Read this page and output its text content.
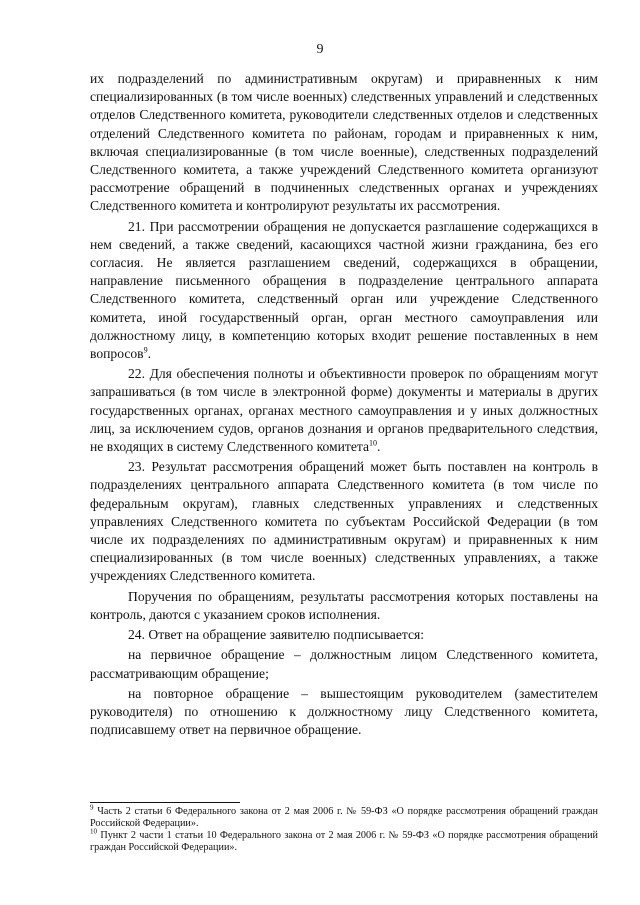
9

их подразделений по административным округам) и приравненных к ним специализированных (в том числе военных) следственных управлений и следственных отделов Следственного комитета, руководители следственных отделов и следственных отделений Следственного комитета по районам, городам и приравненных к ним, включая специализированные (в том числе военные), следственных подразделений Следственного комитета, а также учреждений Следственного комитета организуют рассмотрение обращений в подчиненных следственных органах и учреждениях Следственного комитета и контролируют результаты их рассмотрения.

21. При рассмотрении обращения не допускается разглашение содержащихся в нем сведений, а также сведений, касающихся частной жизни гражданина, без его согласия. Не является разглашением сведений, содержащихся в обращении, направление письменного обращения в подразделение центрального аппарата Следственного комитета, следственный орган или учреждение Следственного комитета, иной государственный орган, орган местного самоуправления или должностному лицу, в компетенцию которых входит решение поставленных в нем вопросов$^9$.

22. Для обеспечения полноты и объективности проверок по обращениям могут запрашиваться (в том числе в электронной форме) документы и материалы в других государственных органах, органах местного самоуправления и у иных должностных лиц, за исключением судов, органов дознания и органов предварительного следствия, не входящих в систему Следственного комитета$^{10}$.

23. Результат рассмотрения обращений может быть поставлен на контроль в подразделениях центрального аппарата Следственного комитета (в том числе по федеральным округам), главных следственных управлениях и следственных управлениях Следственного комитета по субъектам Российской Федерации (в том числе их подразделениях по административным округам) и приравненных к ним специализированных (в том числе военных) следственных управлениях, а также учреждениях Следственного комитета.

Поручения по обращениям, результаты рассмотрения которых поставлены на контроль, даются с указанием сроков исполнения.

24. Ответ на обращение заявителю подписывается:

на первичное обращение – должностным лицом Следственного комитета, рассматривающим обращение;

на повторное обращение – вышестоящим руководителем (заместителем руководителя) по отношению к должностному лицу Следственного комитета, подписавшему ответ на первичное обращение.

$^9$ Часть 2 статьи 6 Федерального закона от 2 мая 2006 г. № 59-ФЗ «О порядке рассмотрения обращений граждан Российской Федерации».

$^{10}$ Пункт 2 части 1 статьи 10 Федерального закона от 2 мая 2006 г. № 59-ФЗ «О порядке рассмотрения обращений граждан Российской Федерации».
